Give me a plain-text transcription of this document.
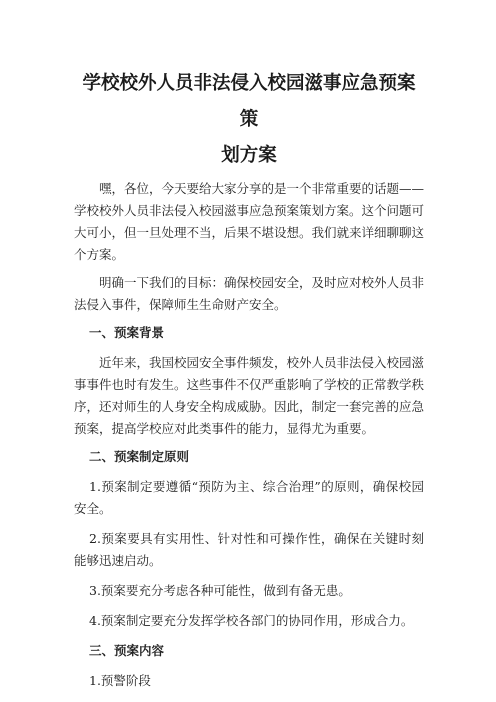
学校校外人员非法侵入校园滋事应急预案策
划方案

嘿，各位，今天要给大家分享的是一个非常重要的话题——学校校外人员非法侵入校园滋事应急预案策划方案。这个问题可大可小，但一旦处理不当，后果不堪设想。我们就来详细聊聊这个方案。

明确一下我们的目标：确保校园安全，及时应对校外人员非法侵入事件，保障师生生命财产安全。

一、预案背景

近年来，我国校园安全事件频发，校外人员非法侵入校园滋事事件也时有发生。这些事件不仅严重影响了学校的正常教学秩序，还对师生的人身安全构成威胁。因此，制定一套完善的应急预案，提高学校应对此类事件的能力，显得尤为重要。

二、预案制定原则

1.预案制定要遵循“预防为主、综合治理”的原则，确保校园安全。

2.预案要具有实用性、针对性和可操作性，确保在关键时刻能够迅速启动。

3.预案要充分考虑各种可能性，做到有备无患。

4.预案制定要充分发挥学校各部门的协同作用，形成合力。

三、预案内容

1.预警阶段
